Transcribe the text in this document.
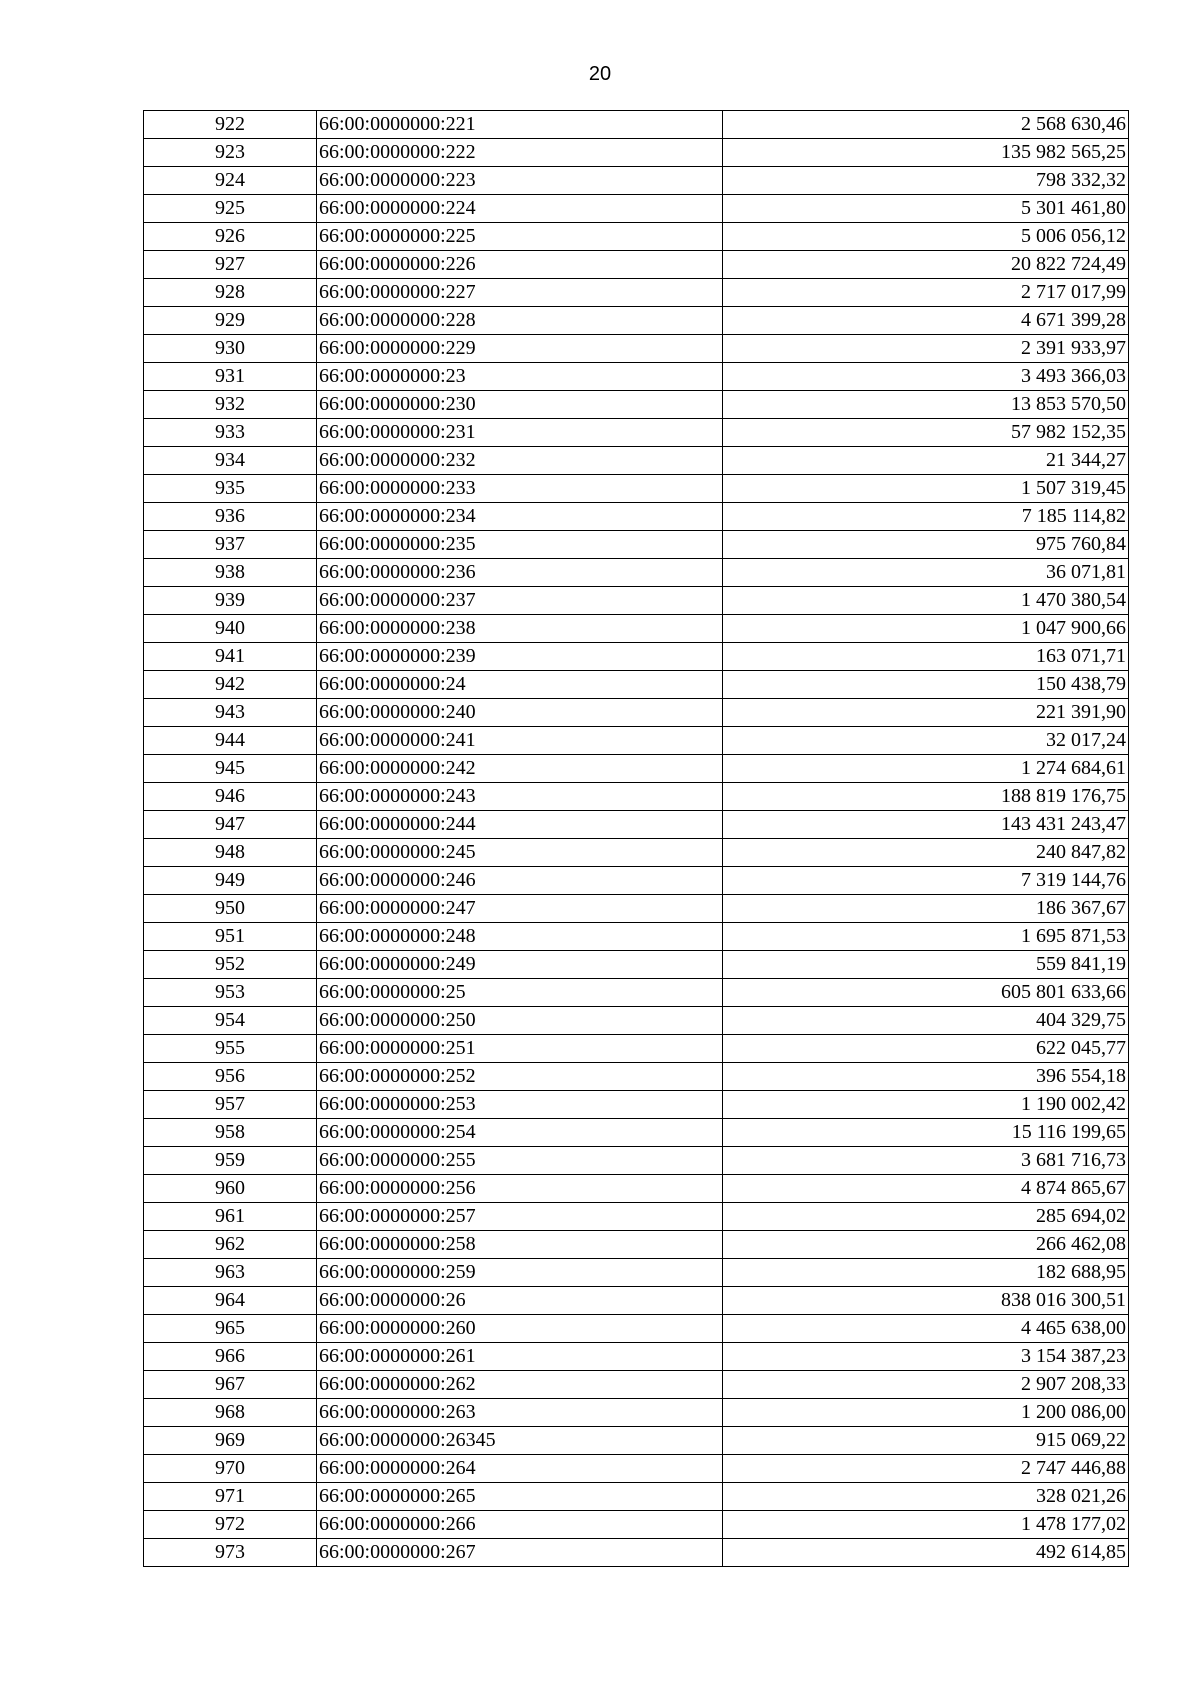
20
922	66:00:0000000:221	2 568 630,46
923	66:00:0000000:222	135 982 565,25
924	66:00:0000000:223	798 332,32
925	66:00:0000000:224	5 301 461,80
926	66:00:0000000:225	5 006 056,12
927	66:00:0000000:226	20 822 724,49
928	66:00:0000000:227	2 717 017,99
929	66:00:0000000:228	4 671 399,28
930	66:00:0000000:229	2 391 933,97
931	66:00:0000000:23	3 493 366,03
932	66:00:0000000:230	13 853 570,50
933	66:00:0000000:231	57 982 152,35
934	66:00:0000000:232	21 344,27
935	66:00:0000000:233	1 507 319,45
936	66:00:0000000:234	7 185 114,82
937	66:00:0000000:235	975 760,84
938	66:00:0000000:236	36 071,81
939	66:00:0000000:237	1 470 380,54
940	66:00:0000000:238	1 047 900,66
941	66:00:0000000:239	163 071,71
942	66:00:0000000:24	150 438,79
943	66:00:0000000:240	221 391,90
944	66:00:0000000:241	32 017,24
945	66:00:0000000:242	1 274 684,61
946	66:00:0000000:243	188 819 176,75
947	66:00:0000000:244	143 431 243,47
948	66:00:0000000:245	240 847,82
949	66:00:0000000:246	7 319 144,76
950	66:00:0000000:247	186 367,67
951	66:00:0000000:248	1 695 871,53
952	66:00:0000000:249	559 841,19
953	66:00:0000000:25	605 801 633,66
954	66:00:0000000:250	404 329,75
955	66:00:0000000:251	622 045,77
956	66:00:0000000:252	396 554,18
957	66:00:0000000:253	1 190 002,42
958	66:00:0000000:254	15 116 199,65
959	66:00:0000000:255	3 681 716,73
960	66:00:0000000:256	4 874 865,67
961	66:00:0000000:257	285 694,02
962	66:00:0000000:258	266 462,08
963	66:00:0000000:259	182 688,95
964	66:00:0000000:26	838 016 300,51
965	66:00:0000000:260	4 465 638,00
966	66:00:0000000:261	3 154 387,23
967	66:00:0000000:262	2 907 208,33
968	66:00:0000000:263	1 200 086,00
969	66:00:0000000:26345	915 069,22
970	66:00:0000000:264	2 747 446,88
971	66:00:0000000:265	328 021,26
972	66:00:0000000:266	1 478 177,02
973	66:00:0000000:267	492 614,85
